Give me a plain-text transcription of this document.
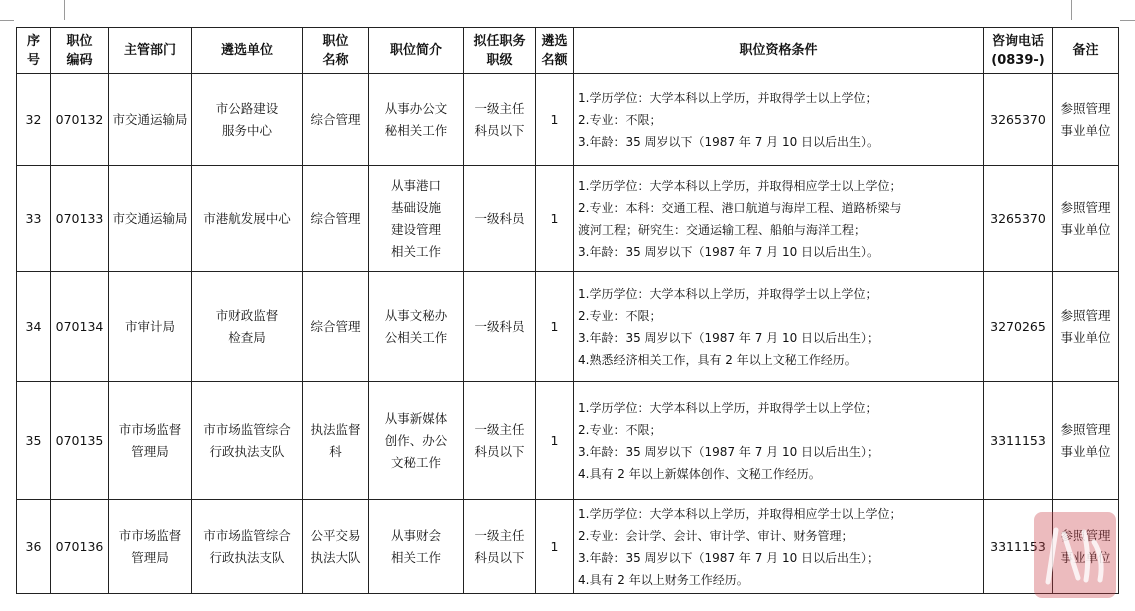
序
号	职位
编码	主管部门	遴选单位	职位
名称	职位简介	拟任职务
职级	遴选
名额	职位资格条件	咨询电话
(0839-)	备注

32	070132	市交通运输局	市公路建设
服务中心	综合管理	从事办公文
秘相关工作	一级主任
科员以下	1	1.学历学位：大学本科以上学历，并取得学士以上学位；
2.专业：不限；
3.年龄：35 周岁以下（1987 年 7 月 10 日以后出生）。	3265370	参照管理
事业单位

33	070133	市交通运输局	市港航发展中心	综合管理	从事港口
基础设施
建设管理
相关工作	一级科员	1	1.学历学位：大学本科以上学历，并取得相应学士以上学位；
2.专业：本科：交通工程、港口航道与海岸工程、道路桥梁与
渡河工程；研究生：交通运输工程、船舶与海洋工程；
3.年龄：35 周岁以下（1987 年 7 月 10 日以后出生）。	3265370	参照管理
事业单位

34	070134	市审计局	市财政监督
检查局	综合管理	从事文秘办
公相关工作	一级科员	1	1.学历学位：大学本科以上学历，并取得学士以上学位；
2.专业：不限；
3.年龄：35 周岁以下（1987 年 7 月 10 日以后出生）；
4.熟悉经济相关工作，具有 2 年以上文秘工作经历。	3270265	参照管理
事业单位

35	070135	市市场监督
管理局	市市场监管综合
行政执法支队	执法监督科	从事新媒体
创作、办公
文秘工作	一级主任
科员以下	1	1.学历学位：大学本科以上学历，并取得学士以上学位；
2.专业：不限；
3.年龄：35 周岁以下（1987 年 7 月 10 日以后出生）；
4.具有 2 年以上新媒体创作、文秘工作经历。	3311153	参照管理
事业单位

36	070136	市市场监督
管理局	市市场监管综合
行政执法支队	公平交易
执法大队	从事财会
相关工作	一级主任
科员以下	1	1.学历学位：大学本科以上学历，并取得相应学士以上学位；
2.专业：会计学、会计、审计学、审计、财务管理；
3.年龄：35 周岁以下（1987 年 7 月 10 日以后出生）；
4.具有 2 年以上财务工作经历。	3311153	参照管理
事业单位
